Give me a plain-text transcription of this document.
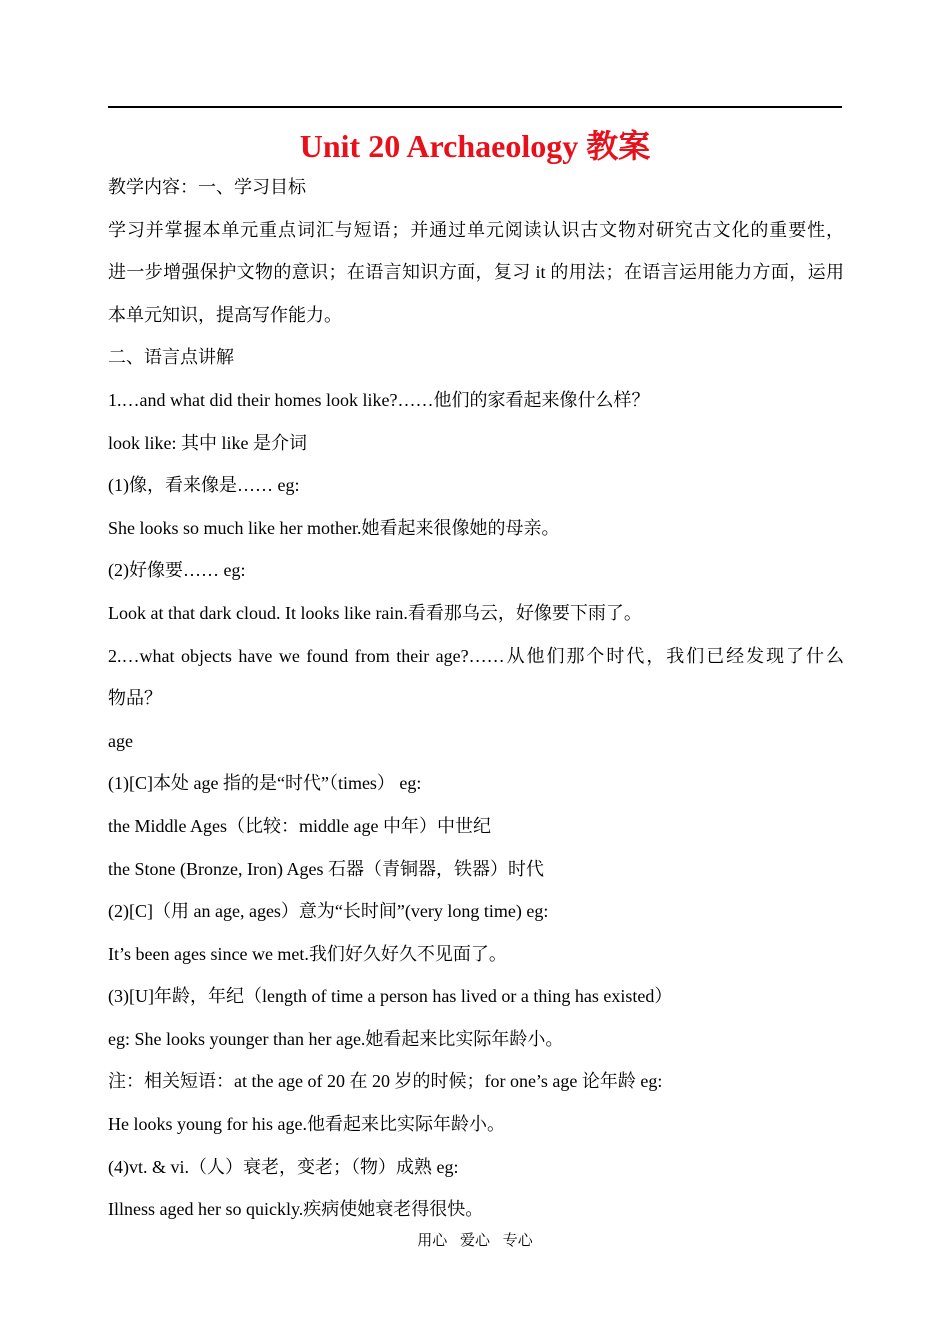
Unit 20 Archaeology 教案
教学内容：一、学习目标
学习并掌握本单元重点词汇与短语；并通过单元阅读认识古文物对研究古文化的重要性，
进一步增强保护文物的意识；在语言知识方面，复习 it 的用法；在语言运用能力方面，运用
本单元知识，提高写作能力。
二、语言点讲解
1.…and what did their homes look like?……他们的家看起来像什么样？
look like: 其中 like 是介词
(1)像，看来像是…… eg:
She looks so much like her mother.她看起来很像她的母亲。
(2)好像要…… eg:
Look at that dark cloud. It looks like rain.看看那乌云，好像要下雨了。
2.…what objects have we found from their age?……从他们那个时代，我们已经发现了什么
物品？
age
(1)[C]本处 age 指的是“时代”（times） eg:
the Middle Ages（比较：middle age 中年）中世纪
the Stone (Bronze, Iron) Ages 石器（青铜器，铁器）时代
(2)[C]（用 an age, ages）意为“长时间”(very long time) eg:
It’s been ages since we met.我们好久好久不见面了。
(3)[U]年龄，年纪（length of time a person has lived or a thing has existed）
eg: She looks younger than her age.她看起来比实际年龄小。
注：相关短语：at the age of 20 在 20 岁的时候；for one’s age 论年龄 eg:
He looks young for his age.他看起来比实际年龄小。
(4)vt. & vi.（人）衰老，变老；（物）成熟 eg:
Illness aged her so quickly.疾病使她衰老得很快。
用心 爱心 专心
